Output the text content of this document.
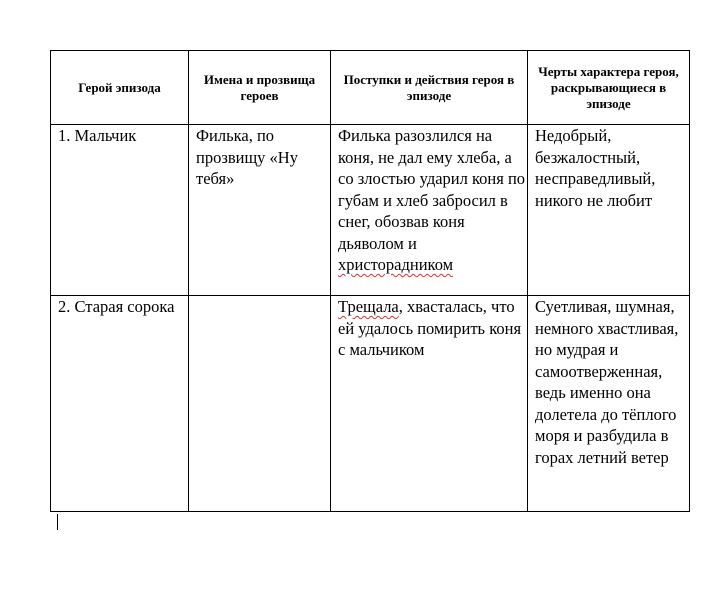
Герой эпизода	Имена и прозвища героев	Поступки и действия героя в эпизоде	Черты характера героя, раскрывающиеся в эпизоде
1. Мальчик	Филька, по прозвищу «Ну тебя»	Филька разозлился на коня, не дал ему хлеба, а со злостью ударил коня по губам и хлеб забросил в снег, обозвав коня дьяволом и христорадником	Недобрый, безжалостный, несправедливый, никого не любит
2. Старая сорока		Трещала, хвасталась, что ей удалось помирить коня с мальчиком	Суетливая, шумная, немного хвастливая, но мудрая и самоотверженная, ведь именно она долетела до тёплого моря и разбудила в горах летний ветер
